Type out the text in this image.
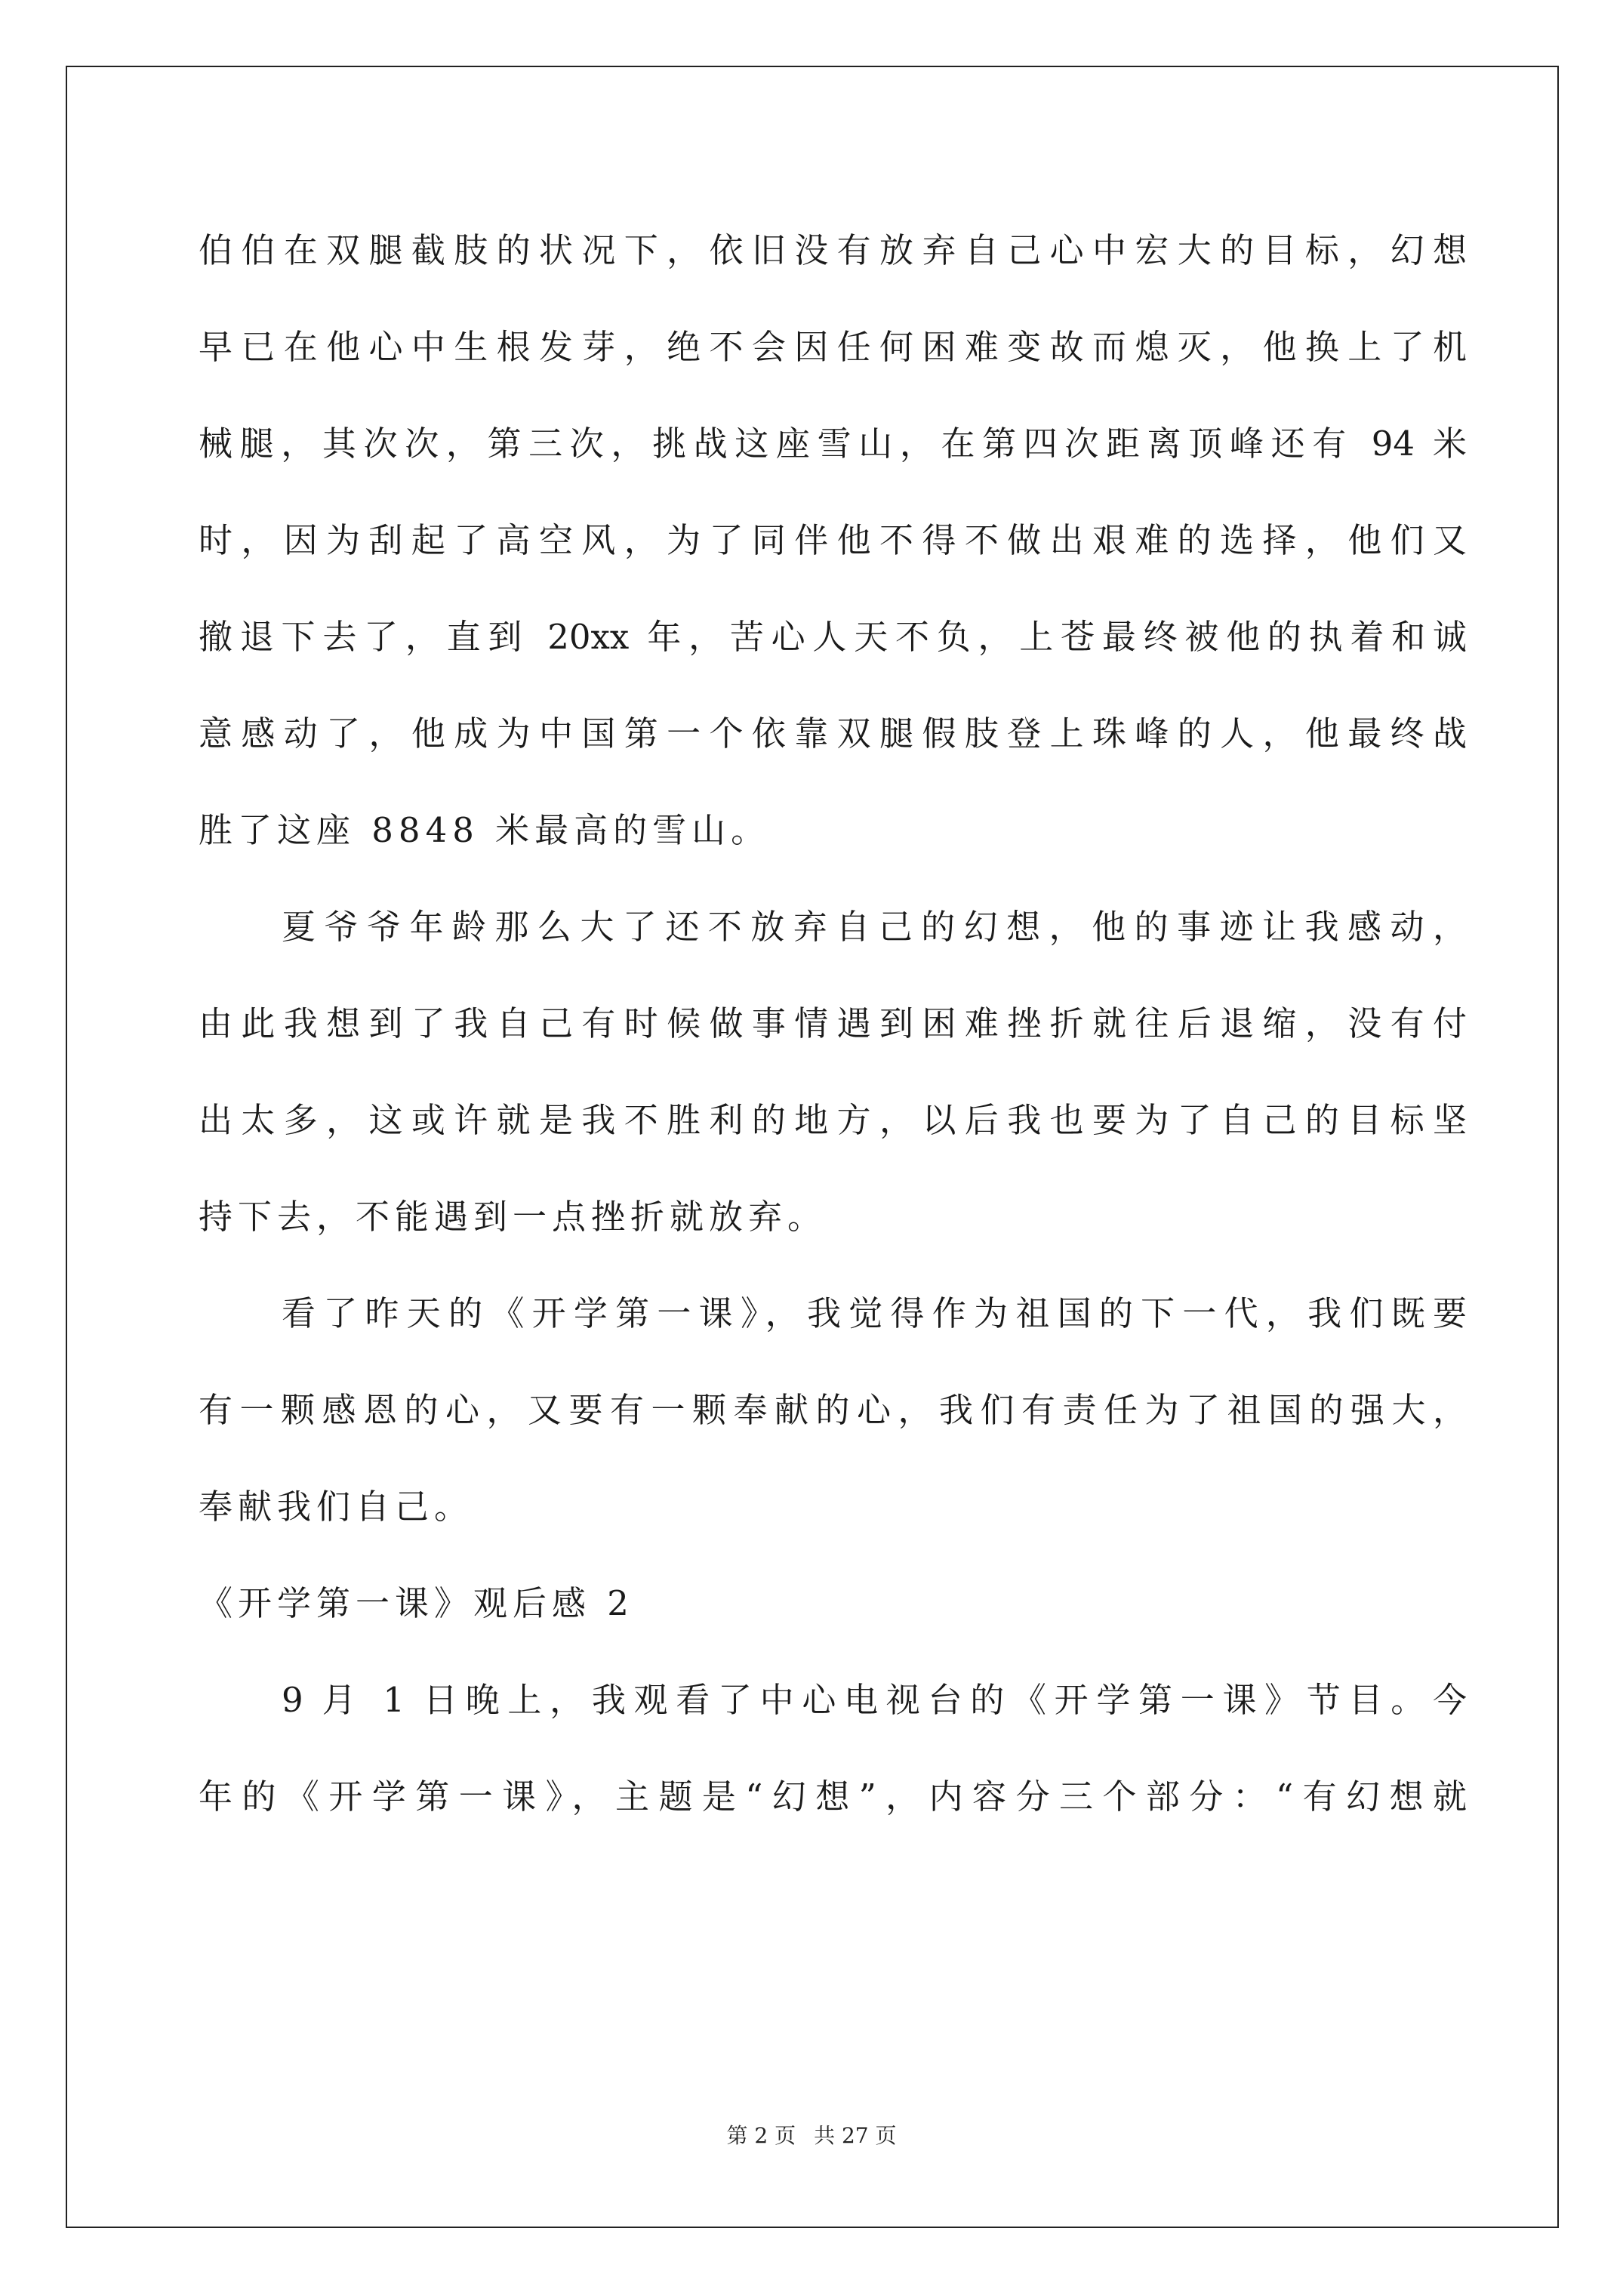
伯伯在双腿截肢的状况下，依旧没有放弃自己心中宏大的目标，幻想
早已在他心中生根发芽，绝不会因任何困难变故而熄灭，他换上了机
械腿，其次次，第三次，挑战这座雪山，在第四次距离顶峰还有 94 米
时，因为刮起了高空风，为了同伴他不得不做出艰难的选择，他们又
撤退下去了，直到 20xx 年，苦心人天不负，上苍最终被他的执着和诚
意感动了，他成为中国第一个依靠双腿假肢登上珠峰的人，他最终战
胜了这座 8848 米最高的雪山。
夏爷爷年龄那么大了还不放弃自己的幻想，他的事迹让我感动，
由此我想到了我自己有时候做事情遇到困难挫折就往后退缩，没有付
出太多，这或许就是我不胜利的地方，以后我也要为了自己的目标坚
持下去，不能遇到一点挫折就放弃。
看了昨天的《开学第一课》，我觉得作为祖国的下一代，我们既要
有一颗感恩的心，又要有一颗奉献的心，我们有责任为了祖国的强大，
奉献我们自己。
《开学第一课》观后感 2
9 月 1 日晚上，我观看了中心电视台的《开学第一课》节目。今
年的《开学第一课》，主题是“幻想”，内容分三个部分：“有幻想就
第 2 页 共 27 页
